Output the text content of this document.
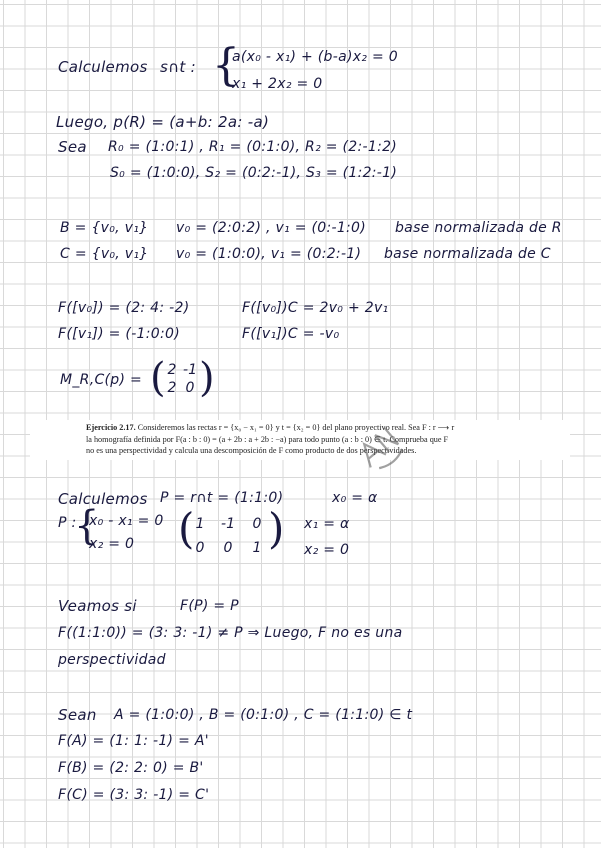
Calculemos s∩t : {
a(x₀ - x₁) + (b-a)x₂ = 0
x₁ + 2x₂ = 0
Luego, p(R) = (a+b: 2a: -a)
Sea R₀ = (1:0:1) , R₁ = (0:1:0), R₂ = (2:-1:2)
S₀ = (1:0:0), S₂ = (0:2:-1), S₃ = (1:2:-1)
B = {v₀, v₁} v₀ = (2:0:2) , v₁ = (0:-1:0) base normalizada de R
C = {v₀, v₁} v₀ = (1:0:0), v₁ = (0:2:-1) base normalizada de C
F([v₀]) = (2: 4: -2)	F([v₀])C = 2v₀ + 2v₁
F([v₁]) = (-1:0:0)	F([v₁])C = -v₀
M_R,C(p) = ( 2 -1
2 0 )
Ejercicio 2.17. Consideremos las rectas r = {x₀ − x₁ = 0} y t = {x₂ = 0} del plano proyectivo real. Sea F : r ⟶ r
la homografía definida por F(a : b : 0) = (a + 2b : a + 2b : −a) para todo punto (a : b : 0) ∈ t. Comprueba que F
no es una perspectividad y calcula una descomposición de F como producto de dos perspectividades.
Calculemos P = r∩t = (1:1:0)	x₀ = α
P :
{
x₀ - x₁ = 0
x₂ = 0 ( 1 -1 0
0 0 1 ) x₁ = α
x₂ = 0
Veamos si	F(P) = P
F((1:1:0)) = (3: 3: -1) ≠ P ⇒ Luego, F no es una
perspectividad
Sean A = (1:0:0) , B = (0:1:0) , C = (1:1:0) ∈ t
F(A) = (1: 1: -1) = A'
F(B) = (2: 2: 0) = B'
F(C) = (3: 3: -1) = C'
